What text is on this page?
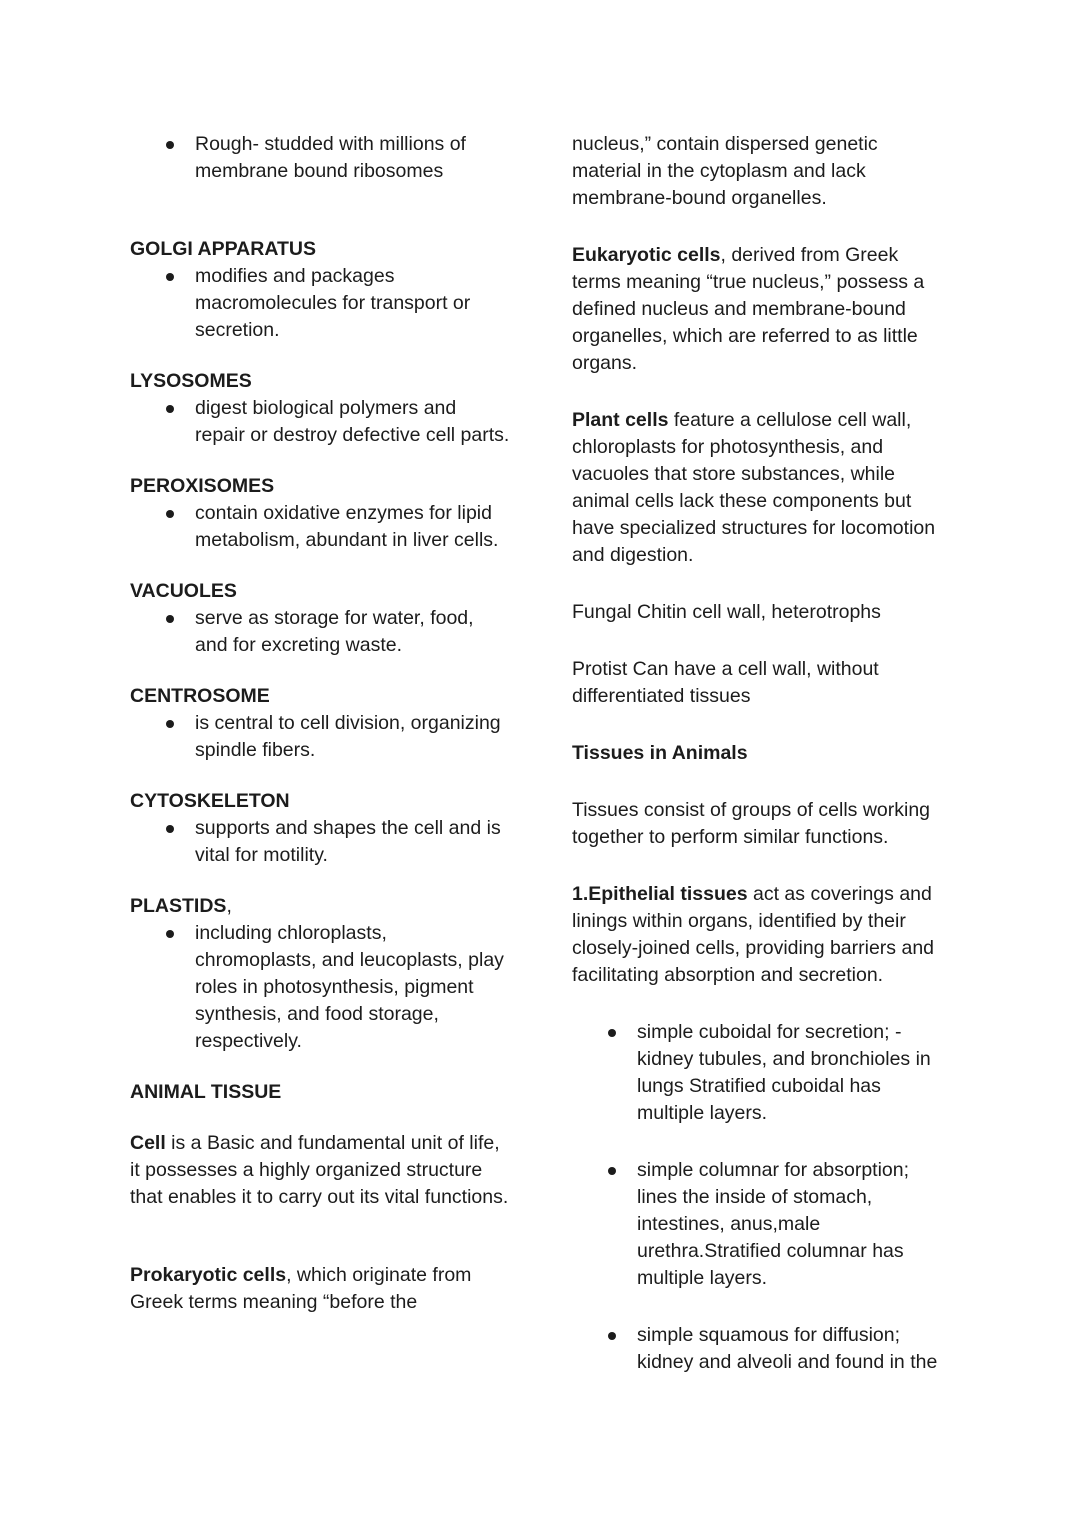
Rough- studded with millions of membrane bound ribosomes
GOLGI APPARATUS
modifies and packages macromolecules for transport or secretion.
LYSOSOMES
digest biological polymers and repair or destroy defective cell parts.
PEROXISOMES
contain oxidative enzymes for lipid metabolism, abundant in liver cells.
VACUOLES
serve as storage for water, food, and for excreting waste.
CENTROSOME
is central to cell division, organizing spindle fibers.
CYTOSKELETON
supports and shapes the cell and is vital for motility.
PLASTIDS,
including chloroplasts, chromoplasts, and leucoplasts, play roles in photosynthesis, pigment synthesis, and food storage, respectively.
ANIMAL TISSUE
Cell is a Basic and fundamental unit of life, it possesses a highly organized structure that enables it to carry out its vital functions.
Prokaryotic cells, which originate from Greek terms meaning “before the
nucleus,” contain dispersed genetic material in the cytoplasm and lack membrane-bound organelles.
Eukaryotic cells, derived from Greek terms meaning “true nucleus,” possess a defined nucleus and membrane-bound organelles, which are referred to as little organs.
Plant cells feature a cellulose cell wall, chloroplasts for photosynthesis, and vacuoles that store substances, while animal cells lack these components but have specialized structures for locomotion and digestion.
Fungal Chitin cell wall, heterotrophs
Protist Can have a cell wall, without differentiated tissues
Tissues in Animals
Tissues consist of groups of cells working together to perform similar functions.
1.Epithelial tissues act as coverings and linings within organs, identified by their closely-joined cells, providing barriers and facilitating absorption and secretion.
simple cuboidal for secretion; -kidney tubules, and bronchioles in lungs Stratified cuboidal has multiple layers.
simple columnar for absorption; lines the inside of stomach, intestines, anus,male urethra.Stratified columnar has multiple layers.
simple squamous for diffusion; kidney and alveoli and found in the
